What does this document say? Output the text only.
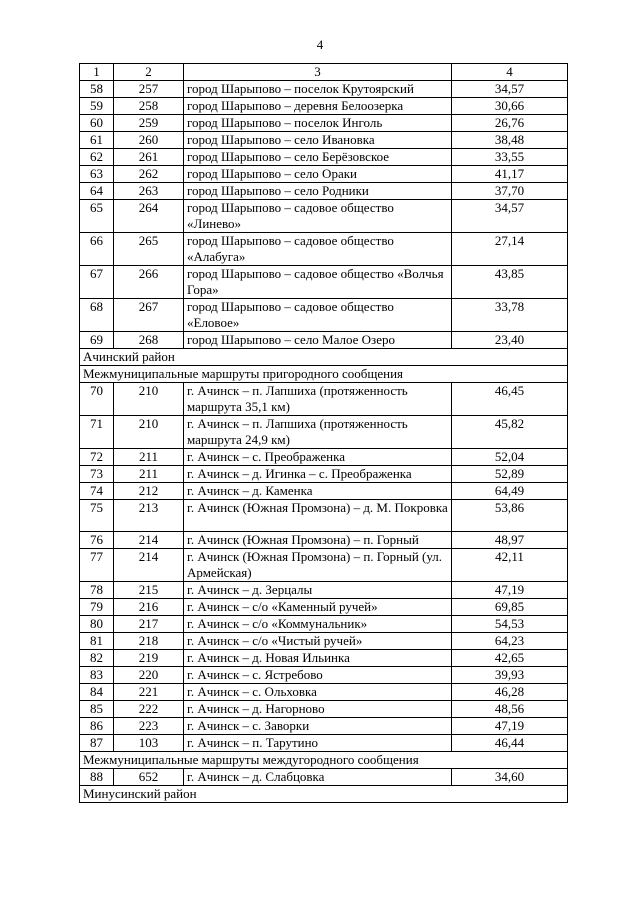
4
1	2	3	4
58	257	город Шарыпово – поселок Крутоярский	34,57
59	258	город Шарыпово – деревня Белоозерка	30,66
60	259	город Шарыпово – поселок Инголь	26,76
61	260	город Шарыпово – село Ивановка	38,48
62	261	город Шарыпово – село Берёзовское	33,55
63	262	город Шарыпово – село Ораки	41,17
64	263	город Шарыпово – село Родники	37,70
65	264	город Шарыпово – садовое общество «Линево»	34,57
66	265	город Шарыпово – садовое общество «Алабуга»	27,14
67	266	город Шарыпово – садовое общество «Волчья Гора»	43,85
68	267	город Шарыпово – садовое общество «Еловое»	33,78
69	268	город Шарыпово – село Малое Озеро	23,40
Ачинский район			
Межмуниципальные маршруты пригородного сообщения			
70	210	г. Ачинск – п. Лапшиха (протяженность маршрута 35,1 км)	46,45
71	210	г. Ачинск – п. Лапшиха (протяженность маршрута 24,9 км)	45,82
72	211	г. Ачинск – с. Преображенка	52,04
73	211	г. Ачинск – д. Игинка – с. Преображенка	52,89
74	212	г. Ачинск – д. Каменка	64,49
75	213	г. Ачинск (Южная Промзона) – д. М. Покровка	53,86
76	214	г. Ачинск (Южная Промзона) – п. Горный	48,97
77	214	г. Ачинск (Южная Промзона) – п. Горный (ул. Армейская)	42,11
78	215	г. Ачинск – д. Зерцалы	47,19
79	216	г. Ачинск – с/о «Каменный ручей»	69,85
80	217	г. Ачинск – с/о «Коммунальник»	54,53
81	218	г. Ачинск – с/о «Чистый ручей»	64,23
82	219	г. Ачинск – д. Новая Ильинка	42,65
83	220	г. Ачинск – с. Ястребово	39,93
84	221	г. Ачинск – с. Ольховка	46,28
85	222	г. Ачинск – д. Нагорново	48,56
86	223	г. Ачинск – с. Заворки	47,19
87	103	г. Ачинск – п. Тарутино	46,44
Межмуниципальные маршруты междугородного сообщения			
88	652	г. Ачинск – д. Слабцовка	34,60
Минусинский район			
